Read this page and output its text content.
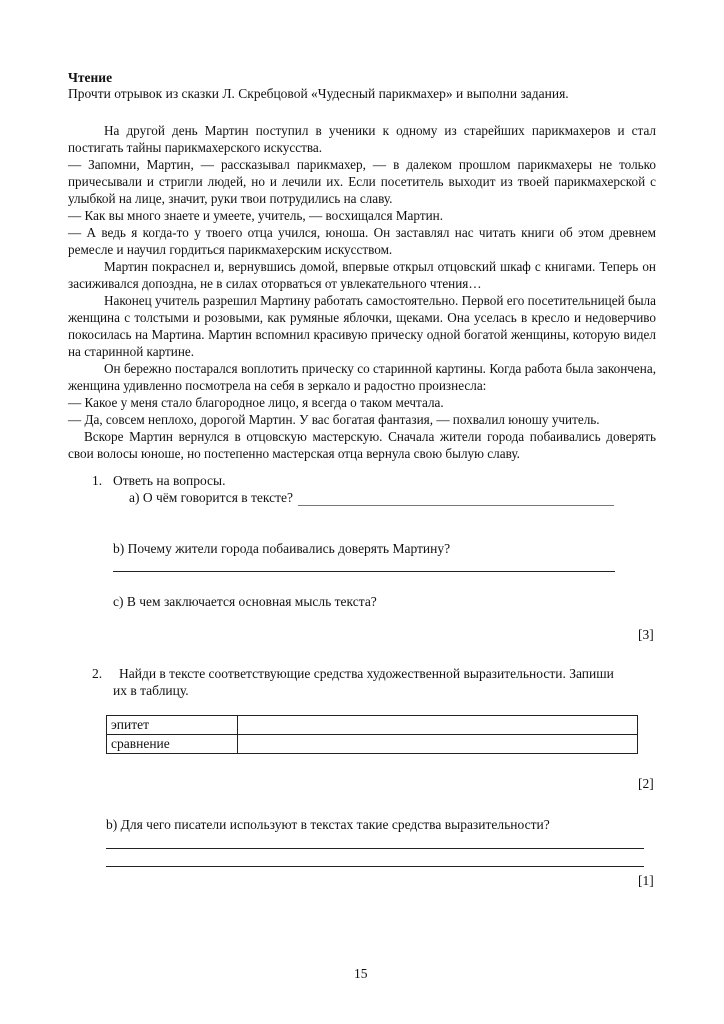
Чтение

Прочти отрывок из сказки Л. Скребцовой «Чудесный парикмахер» и выполни задания.

На другой день Мартин поступил в ученики к одному из старейших парикмахеров и стал постигать тайны парикмахерского искусства.

— Запомни, Мартин, — рассказывал парикмахер, — в далеком прошлом парикмахеры не только причесывали и стригли людей, но и лечили их. Если посетитель выходит из твоей парикмахерской с улыбкой на лице, значит, руки твои потрудились на славу.

— Как вы много знаете и умеете, учитель, — восхищался Мартин.

— А ведь я когда-то у твоего отца учился, юноша. Он заставлял нас читать книги об этом древнем ремесле и научил гордиться парикмахерским искусством.

Мартин покраснел и, вернувшись домой, впервые открыл отцовский шкаф с книгами. Теперь он засиживался допоздна, не в силах оторваться от увлекательного чтения…

Наконец учитель разрешил Мартину работать самостоятельно. Первой его посетительницей была женщина с толстыми и розовыми, как румяные яблочки, щеками. Она уселась в кресло и недоверчиво покосилась на Мартина. Мартин вспомнил красивую прическу одной богатой женщины, которую видел на старинной картине.

Он бережно постарался воплотить прическу со старинной картины. Когда работа была закончена, женщина удивленно посмотрела на себя в зеркало и радостно произнесла:

— Какое у меня стало благородное лицо, я всегда о таком мечтала.

— Да, совсем неплохо, дорогой Мартин. У вас богатая фантазия, — похвалил юношу учитель.

Вскоре Мартин вернулся в отцовскую мастерскую. Сначала жители города побаивались доверять свои волосы юноше, но постепенно мастерская отца вернула свою былую славу.

1. Ответь на вопросы.
а) О чём говорится в тексте?
b) Почему жители города побаивались доверять Мартину?
c) В чем заключается основная мысль текста?
[3]
2. Найди в тексте соответствующие средства художественной выразительности. Запиши
их в таблицу.
эпитет	
сравнение	
[2]
b) Для чего писатели используют в текстах такие средства выразительности?
[1]
15
